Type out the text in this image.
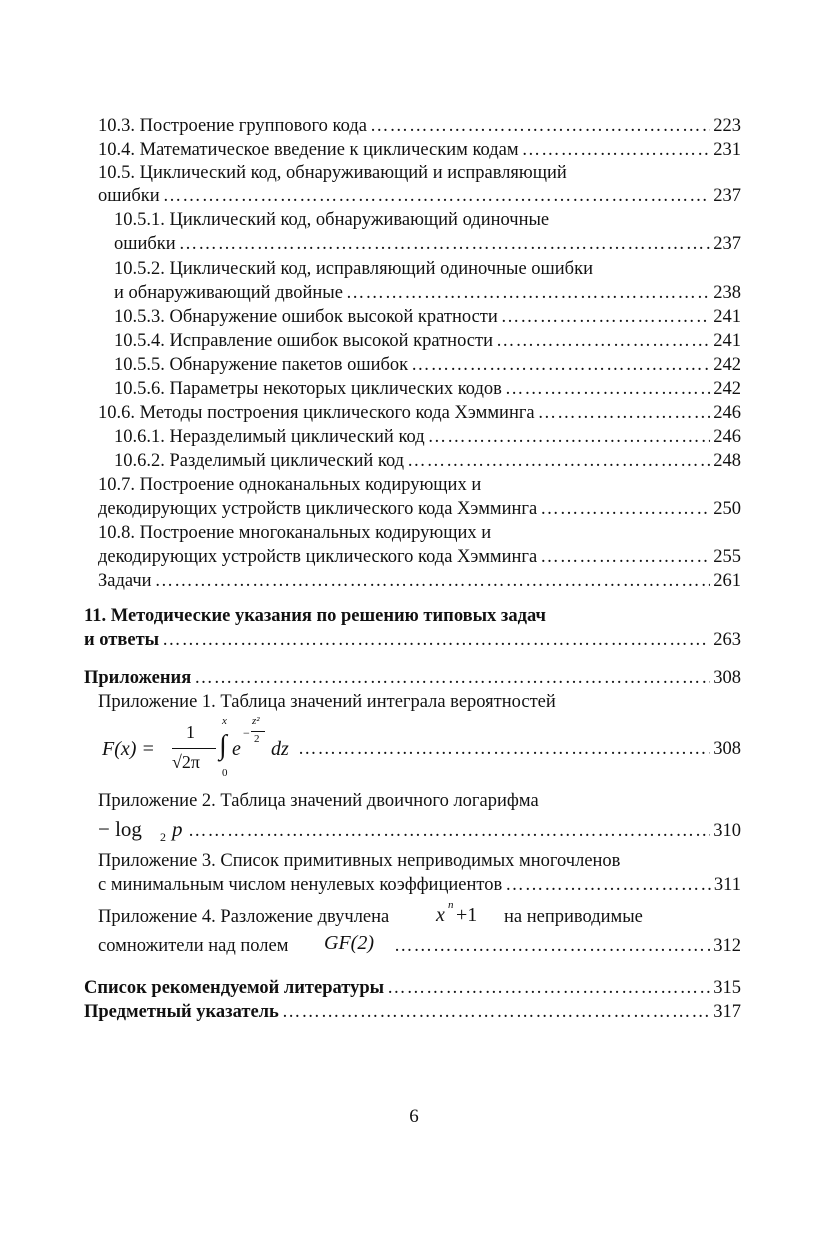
10.3. Построение группового кода ………………………………………………………………………………………………………………………………………………………………………………	223
10.4. Математическое введение к циклическим кодам ………………………………………………………………………………………………………………………………………………………………………………	231
10.5. Циклический код, обнаруживающий и исправляющий
ошибки ………………………………………………………………………………………………………………………………………………………………………………	237
10.5.1. Циклический код, обнаруживающий одиночные
ошибки ………………………………………………………………………………………………………………………………………………………………………………	237
10.5.2. Циклический код, исправляющий одиночные ошибки
и обнаруживающий двойные ………………………………………………………………………………………………………………………………………………………………………………	238
10.5.3. Обнаружение ошибок высокой кратности ………………………………………………………………………………………………………………………………………………………………………………	241
10.5.4. Исправление ошибок высокой кратности ………………………………………………………………………………………………………………………………………………………………………………	241
10.5.5. Обнаружение пакетов ошибок ………………………………………………………………………………………………………………………………………………………………………………	242
10.5.6. Параметры некоторых циклических кодов ………………………………………………………………………………………………………………………………………………………………………………	242
10.6. Методы построения циклического кода Хэмминга ………………………………………………………………………………………………………………………………………………………………………………	246
10.6.1. Неразделимый циклический код ………………………………………………………………………………………………………………………………………………………………………………	246
10.6.2. Разделимый циклический код ………………………………………………………………………………………………………………………………………………………………………………	248
10.7. Построение одноканальных кодирующих и
декодирующих устройств циклического кода Хэмминга ………………………………………………………………………………………………………………………………………………………………………………	250
10.8. Построение многоканальных кодирующих и
декодирующих устройств циклического кода Хэмминга ………………………………………………………………………………………………………………………………………………………………………………	255
Задачи ………………………………………………………………………………………………………………………………………………………………………………	261
11. Методические указания по решению типовых задач
и ответы ………………………………………………………………………………………………………………………………………………………………………………	263
Приложения ………………………………………………………………………………………………………………………………………………………………………………	308
Приложение 1. Таблица значений интеграла вероятностей
F(x) =
1
√2π
x
∫
0
e
−
z²
2 dz ………………………………………………………………………………………………………………………………………………………………………………	308
Приложение 2. Таблица значений двоичного логарифма
− log 2 p ………………………………………………………………………………………………………………………………………………………………………………	310
Приложение 3. Список примитивных неприводимых многочленов
с минимальным числом ненулевых коэффициентов ………………………………………………………………………………………………………………………………………………………………………………	311
Приложение 4. Разложение двучлена x n +1 на неприводимые
сомножители над полем GF(2) ………………………………………………………………………………………………………………………………………………………………………………	312
Список рекомендуемой литературы ………………………………………………………………………………………………………………………………………………………………………………	315
Предметный указатель ………………………………………………………………………………………………………………………………………………………………………………	317
6
